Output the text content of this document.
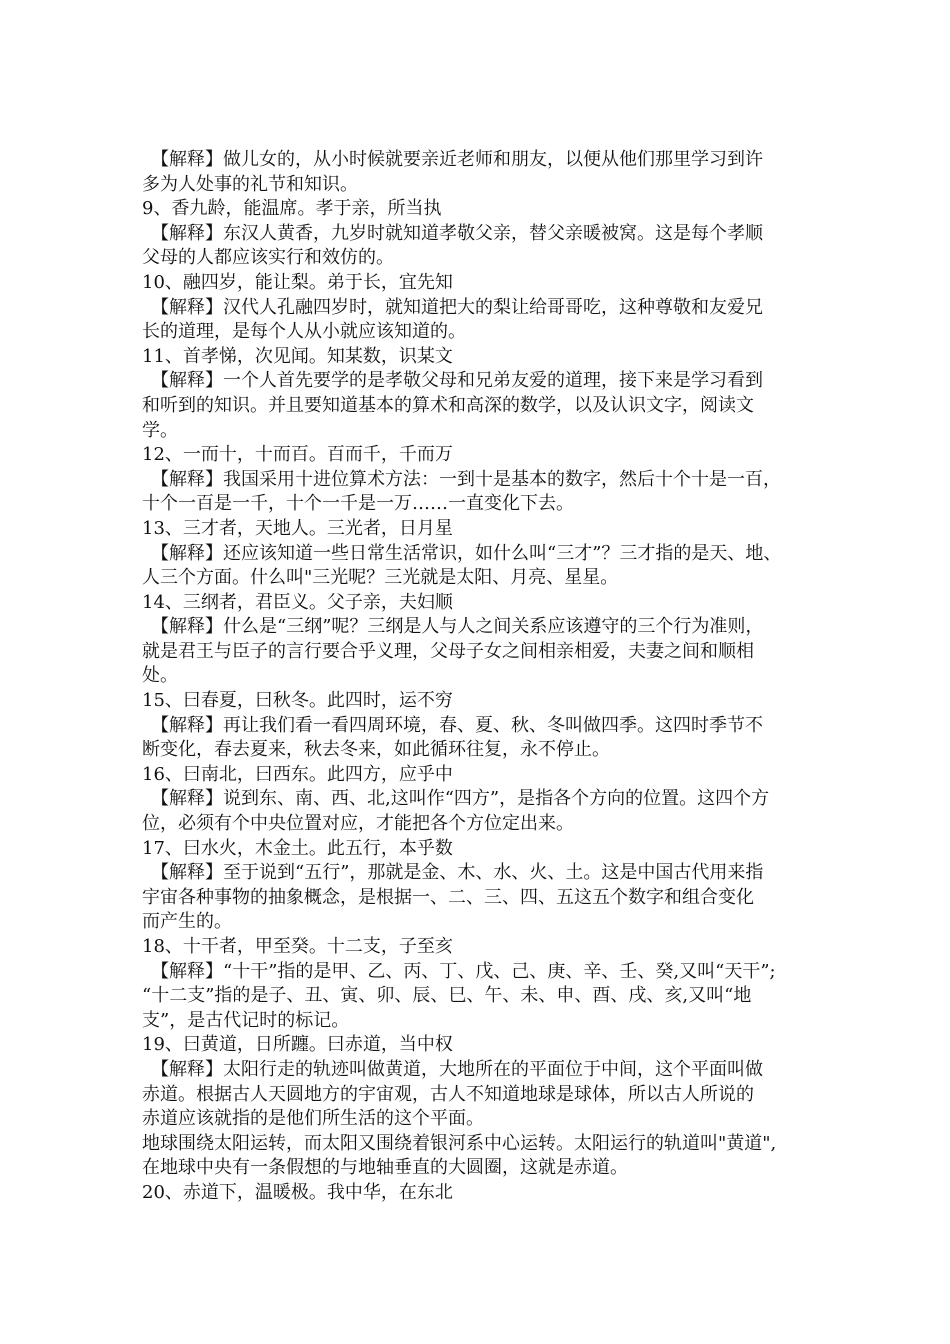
【解释】做儿女的，从小时候就要亲近老师和朋友，以便从他们那里学习到许
多为人处事的礼节和知识。
9、香九龄，能温席。孝于亲，所当执
【解释】东汉人黄香，九岁时就知道孝敬父亲，替父亲暖被窝。这是每个孝顺
父母的人都应该实行和效仿的。
10、融四岁，能让梨。弟于长，宜先知
【解释】汉代人孔融四岁时，就知道把大的梨让给哥哥吃，这种尊敬和友爱兄
长的道理，是每个人从小就应该知道的。
11、首孝悌，次见闻。知某数，识某文
【解释】一个人首先要学的是孝敬父母和兄弟友爱的道理，接下来是学习看到
和听到的知识。并且要知道基本的算术和高深的数学，以及认识文字，阅读文
学。
12、一而十，十而百。百而千，千而万
【解释】我国采用十进位算术方法：一到十是基本的数字，然后十个十是一百，
十个一百是一千，十个一千是一万……一直变化下去。
13、三才者，天地人。三光者，日月星
【解释】还应该知道一些日常生活常识，如什么叫“三才”？三才指的是天、地、
人三个方面。什么叫"三光呢？三光就是太阳、月亮、星星。
14、三纲者，君臣义。父子亲，夫妇顺
【解释】什么是“三纲”呢？三纲是人与人之间关系应该遵守的三个行为准则，
就是君王与臣子的言行要合乎义理，父母子女之间相亲相爱，夫妻之间和顺相
处。
15、曰春夏，曰秋冬。此四时，运不穷
【解释】再让我们看一看四周环境，春、夏、秋、冬叫做四季。这四时季节不
断变化，春去夏来，秋去冬来，如此循环往复，永不停止。
16、曰南北，曰西东。此四方，应乎中
【解释】说到东、南、西、北,这叫作“四方”，是指各个方向的位置。这四个方
位，必须有个中央位置对应，才能把各个方位定出来。
17、曰水火，木金土。此五行，本乎数
【解释】至于说到“五行”，那就是金、木、水、火、土。这是中国古代用来指
宇宙各种事物的抽象概念，是根据一、二、三、四、五这五个数字和组合变化
而产生的。
18、十干者，甲至癸。十二支，子至亥
【解释】“十干”指的是甲、乙、丙、丁、戊、己、庚、辛、壬、癸,又叫“天干”;
“十二支”指的是子、丑、寅、卯、辰、巳、午、未、申、酉、戌、亥,又叫“地
支”，是古代记时的标记。
19、曰黄道，日所躔。曰赤道，当中权
【解释】太阳行走的轨迹叫做黄道，大地所在的平面位于中间，这个平面叫做
赤道。根据古人天圆地方的宇宙观，古人不知道地球是球体，所以古人所说的
赤道应该就指的是他们所生活的这个平面。
地球围绕太阳运转，而太阳又围绕着银河系中心运转。太阳运行的轨道叫"黄道",
在地球中央有一条假想的与地轴垂直的大圆圈，这就是赤道。
20、赤道下，温暖极。我中华，在东北
